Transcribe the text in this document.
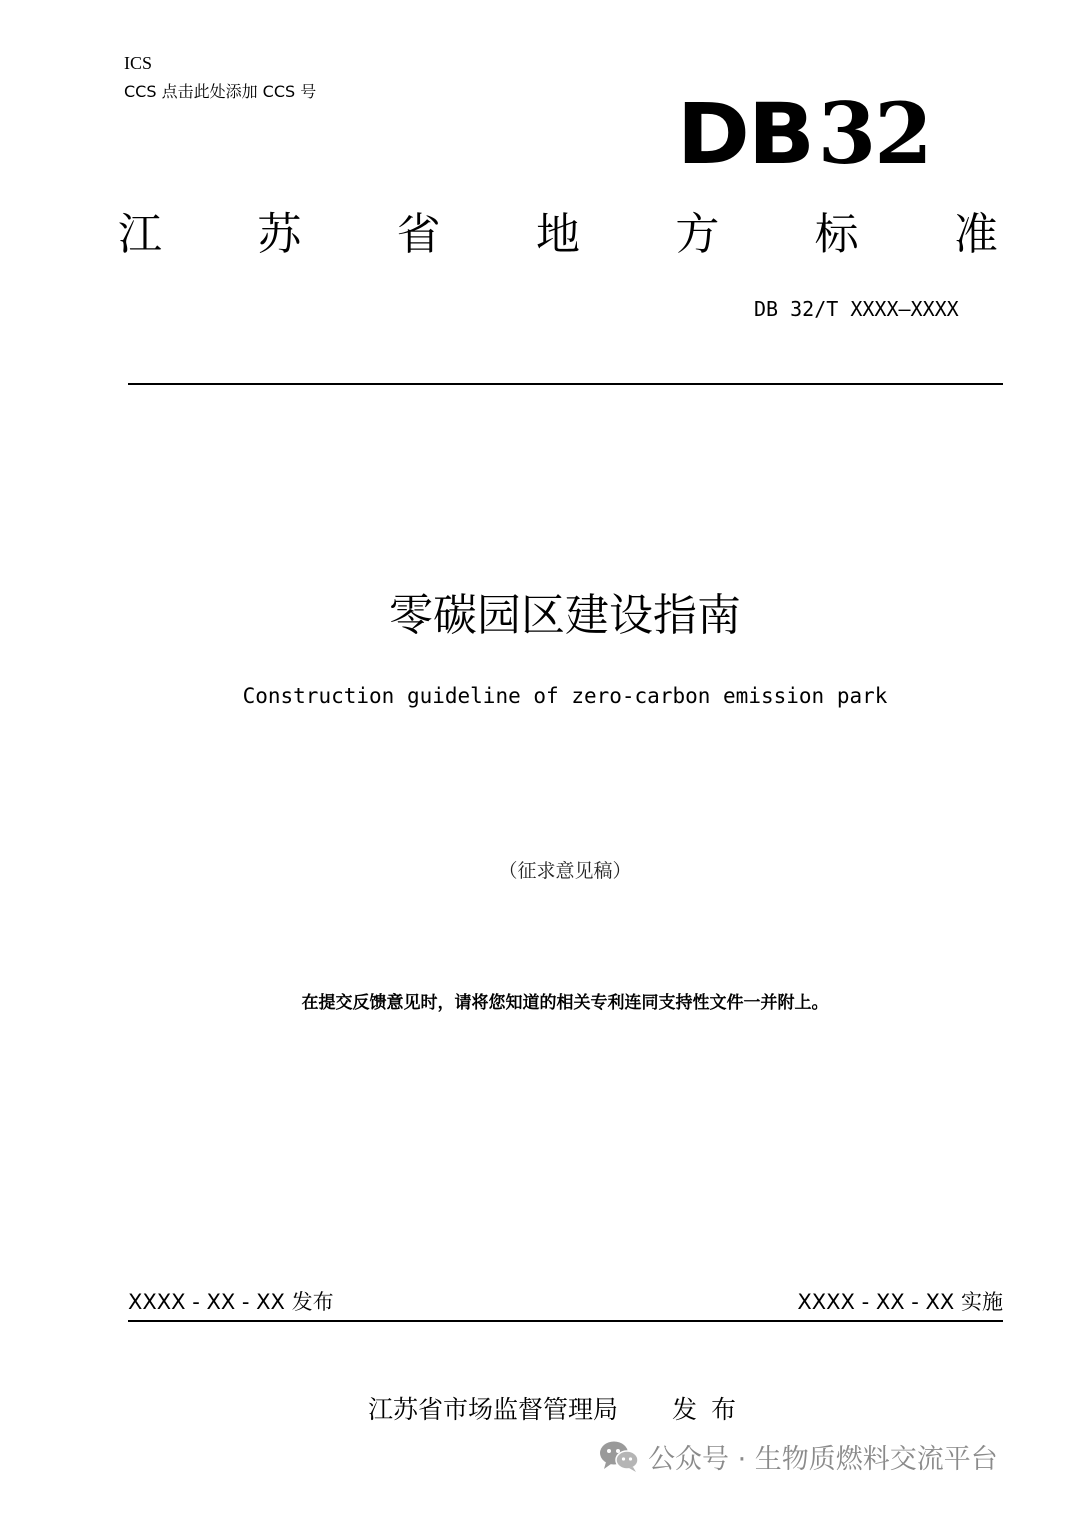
ICS
CCS 点击此处添加 CCS 号	DB32
江 苏 省 地 方 标 准
DB 32/T XXXX—XXXX
零碳园区建设指南
Construction guideline of zero-carbon emission park
（征求意见稿）
在提交反馈意见时，请将您知道的相关专利连同支持性文件一并附上。
XXXX - XX - XX 发布	XXXX - XX - XX 实施
江苏省市场监督管理局 发布
公众号 · 生物质燃料交流平台
